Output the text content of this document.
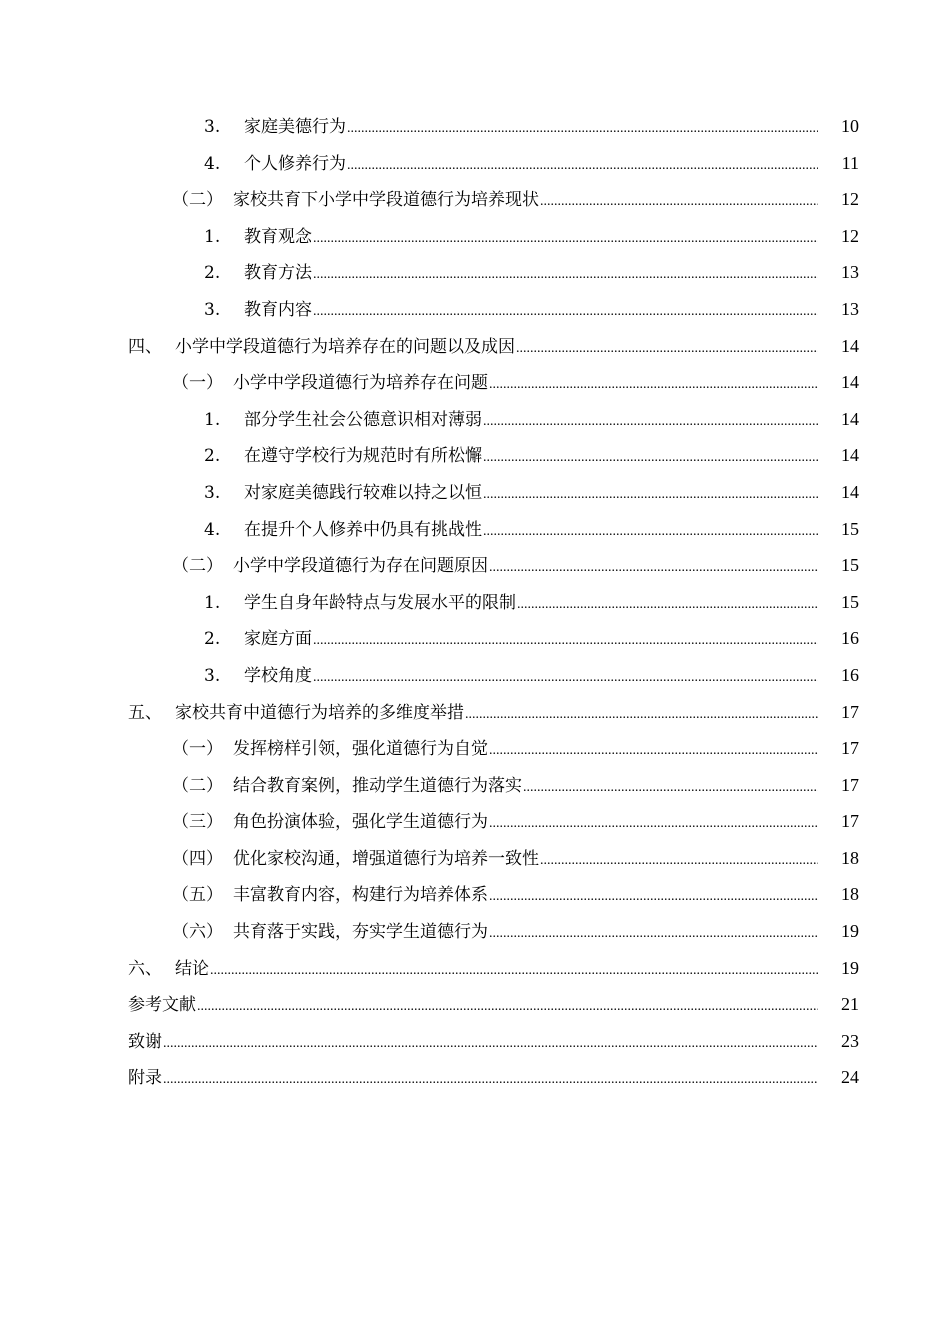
3.	家庭美德行为 .....	10
4.	个人修养行为 .....	11
（二） 家校共育下小学中学段道德行为培养现状 .....	12
1.	教育观念 .....	12
2.	教育方法 .....	13
3.	教育内容 .....	13
四、 小学中学段道德行为培养存在的问题以及成因 .....	14
（一） 小学中学段道德行为培养存在问题 .....	14
1.	部分学生社会公德意识相对薄弱 .....	14
2.	在遵守学校行为规范时有所松懈 .....	14
3.	对家庭美德践行较难以持之以恒 .....	14
4.	在提升个人修养中仍具有挑战性 .....	15
（二） 小学中学段道德行为存在问题原因 .....	15
1.	学生自身年龄特点与发展水平的限制 .....	15
2.	家庭方面 .....	16
3.	学校角度 .....	16
五、 家校共育中道德行为培养的多维度举措 .....	17
（一） 发挥榜样引领，强化道德行为自觉 .....	17
（二） 结合教育案例，推动学生道德行为落实 .....	17
（三） 角色扮演体验，强化学生道德行为 .....	17
（四） 优化家校沟通，增强道德行为培养一致性 .....	18
（五） 丰富教育内容，构建行为培养体系 .....	18
（六） 共育落于实践，夯实学生道德行为 .....	19
六、 结论 .....	19
参考文献 .....	21
致谢 .....	23
附录 .....	24
